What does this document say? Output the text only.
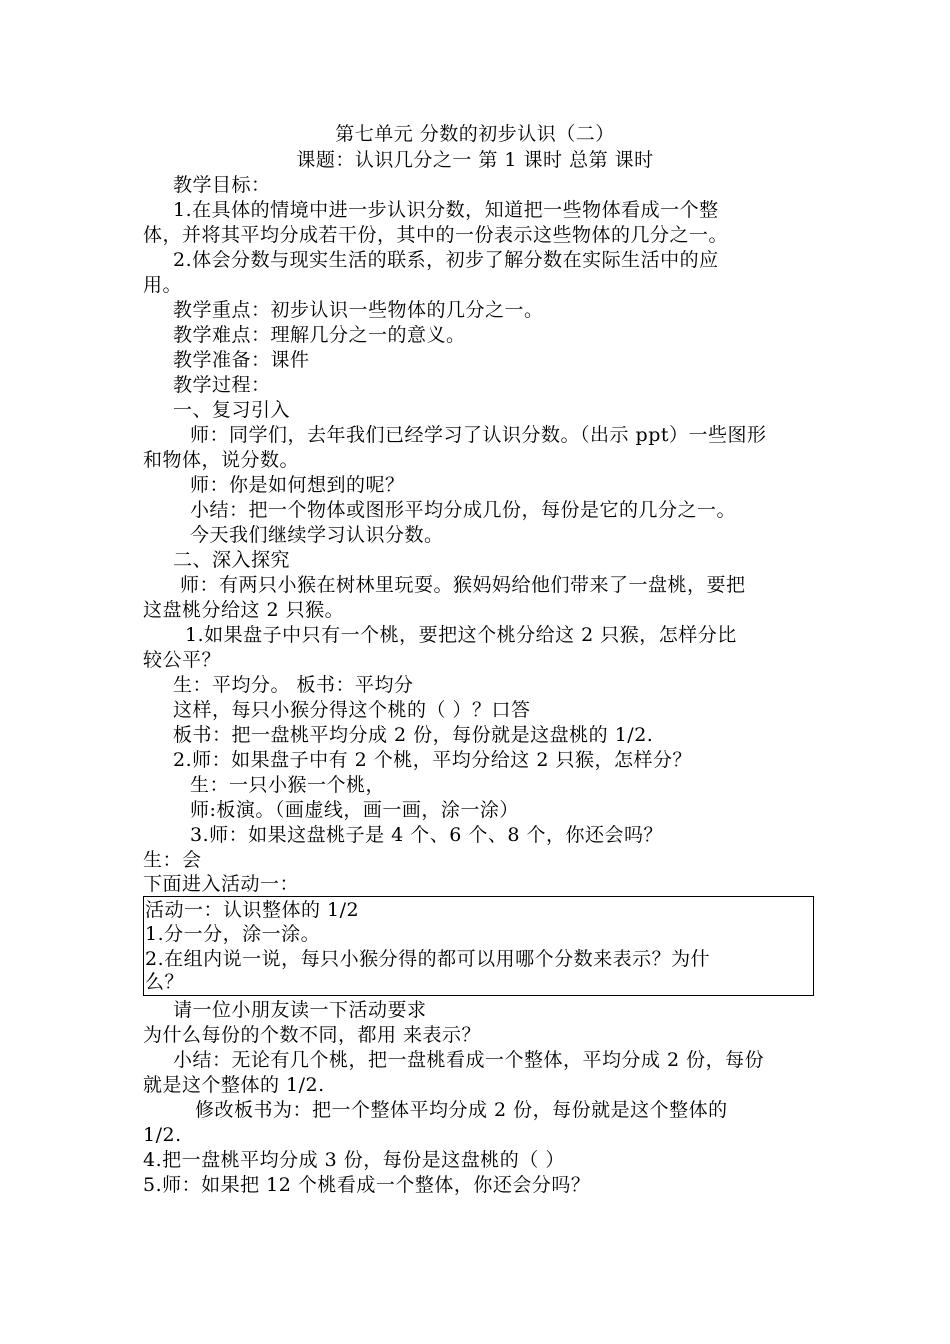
第七单元 分数的初步认识（二）
课题：认识几分之一 第 1 课时 总第 课时
教学目标：
1.在具体的情境中进一步认识分数，知道把一些物体看成一个整
体，并将其平均分成若干份，其中的一份表示这些物体的几分之一。
2.体会分数与现实生活的联系，初步了解分数在实际生活中的应
用。
教学重点：初步认识一些物体的几分之一。
教学难点：理解几分之一的意义。
教学准备：课件
教学过程：
一、复习引入
师：同学们，去年我们已经学习了认识分数。（出示 ppt）一些图形
和物体，说分数。
师：你是如何想到的呢？
小结：把一个物体或图形平均分成几份，每份是它的几分之一。
今天我们继续学习认识分数。
二、深入探究
师：有两只小猴在树林里玩耍。猴妈妈给他们带来了一盘桃，要把
这盘桃分给这 2 只猴。
1.如果盘子中只有一个桃，要把这个桃分给这 2 只猴，怎样分比
较公平？
生：平均分。 板书：平均分
这样，每只小猴分得这个桃的（ ）？口答
板书：把一盘桃平均分成 2 份，每份就是这盘桃的 1/2.
2.师：如果盘子中有 2 个桃，平均分给这 2 只猴，怎样分？
生：一只小猴一个桃，
师:板演。（画虚线，画一画，涂一涂）
3.师：如果这盘桃子是 4 个、6 个、8 个，你还会吗？
生：会
下面进入活动一：
活动一：认识整体的 1/2
1.分一分，涂一涂。
2.在组内说一说，每只小猴分得的都可以用哪个分数来表示？为什
么？
请一位小朋友读一下活动要求
为什么每份的个数不同，都用 来表示？
小结：无论有几个桃，把一盘桃看成一个整体，平均分成 2 份，每份
就是这个整体的 1/2.
修改板书为：把一个整体平均分成 2 份，每份就是这个整体的
1/2.
4.把一盘桃平均分成 3 份，每份是这盘桃的（ ）
5.师：如果把 12 个桃看成一个整体，你还会分吗？
